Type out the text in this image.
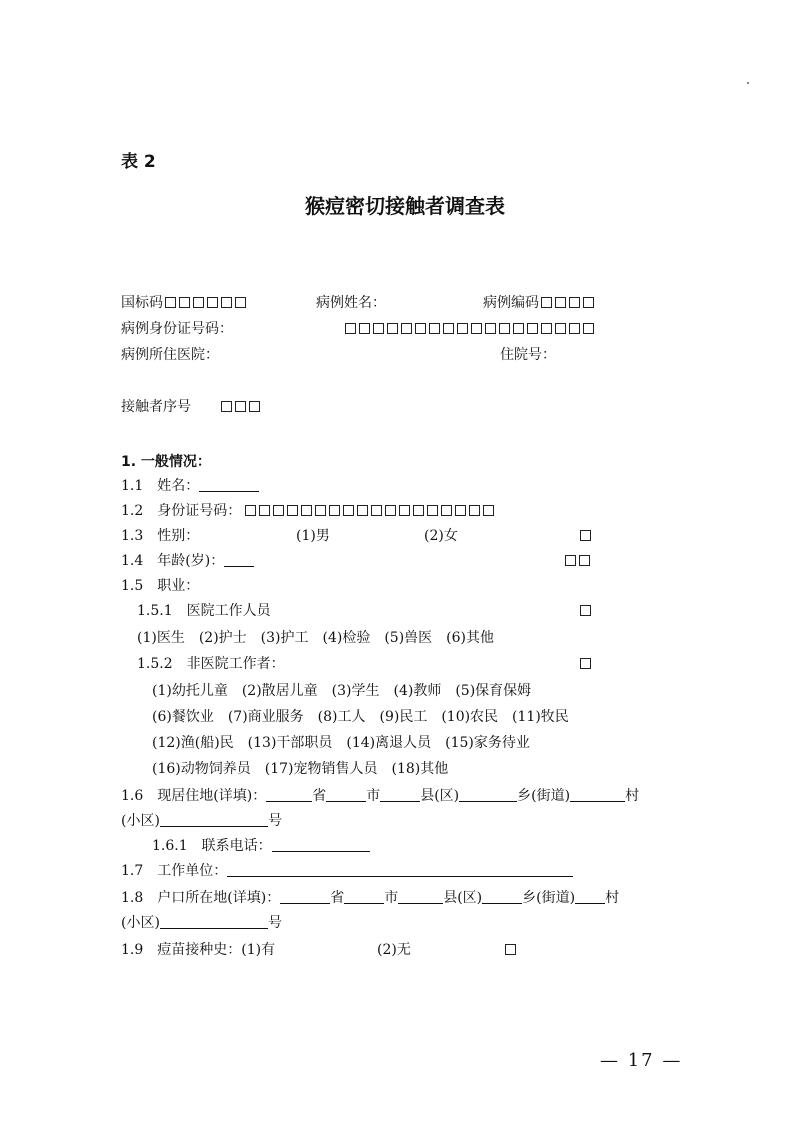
表 2
猴痘密切接触者调查表
国标码	病例姓名：	病例编码
病例身份证号码：
病例所住医院：	住院号：
接触者序号
1. 一般情况：
1.1　姓名：
1.2　身份证号码：
1.3　性别：	(1)男	(2)女
1.4　年龄(岁)：
1.5　职业：
1.5.1　医院工作人员
(1)医生　(2)护士　(3)护工　(4)检验　(5)兽医　(6)其他
1.5.2　非医院工作者：
(1)幼托儿童　(2)散居儿童　(3)学生　(4)教师　(5)保育保姆
(6)餐饮业　(7)商业服务　(8)工人　(9)民工　(10)农民　(11)牧民
(12)渔(船)民　(13)干部职员　(14)离退人员　(15)家务待业
(16)动物饲养员　(17)宠物销售人员　(18)其他
1.6　现居住地(详填)：	省	市	县(区)	乡(街道)	村
(小区)	号
1.6.1　联系电话：
1.7　工作单位：
1.8　户口所在地(详填)：	省	市	县(区)	乡(街道) 村
(小区)	号
1.9　痘苗接种史：(1)有	(2)无
— 17 —
